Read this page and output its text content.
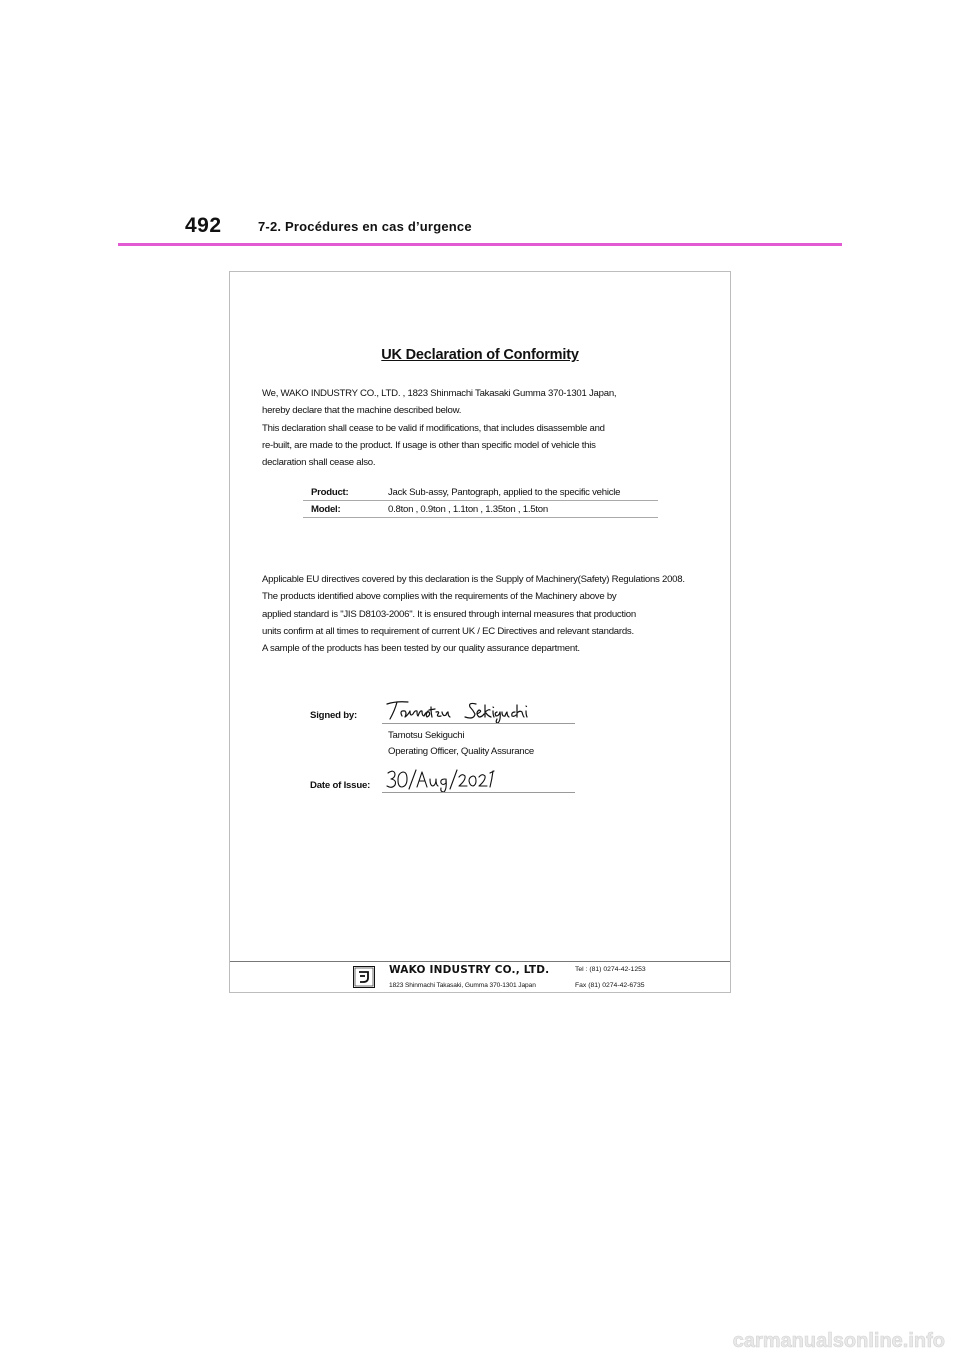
492	7-2. Procédures en cas d’urgence
UK Declaration of Conformity
We, WAKO INDUSTRY CO., LTD. , 1823 Shinmachi Takasaki Gumma 370-1301 Japan,
hereby declare that the machine described below.
This declaration shall cease to be valid if modifications, that includes disassemble and
re-built, are made to the product. If usage is other than specific model of vehicle this
declaration shall cease also.
Product:	Jack Sub-assy, Pantograph, applied to the specific vehicle
Model:	0.8ton , 0.9ton , 1.1ton , 1.35ton , 1.5ton
Applicable EU directives covered by this declaration is the Supply of Machinery(Safety) Regulations 2008.
The products identified above complies with the requirements of the Machinery above by
applied standard is "JIS D8103-2006". It is ensured through internal measures that production
units confirm at all times to requirement of current UK / EC Directives and relevant standards.
A sample of the products has been tested by our quality assurance department.
Signed by:
Tamotsu Sekiguchi
Operating Officer, Quality Assurance
Date of Issue:
WAKO INDUSTRY CO., LTD.
1823 Shinmachi Takasaki, Gumma 370-1301 Japan
Tel : (81) 0274-42-1253
Fax (81) 0274-42-6735
carmanualsonline.info
